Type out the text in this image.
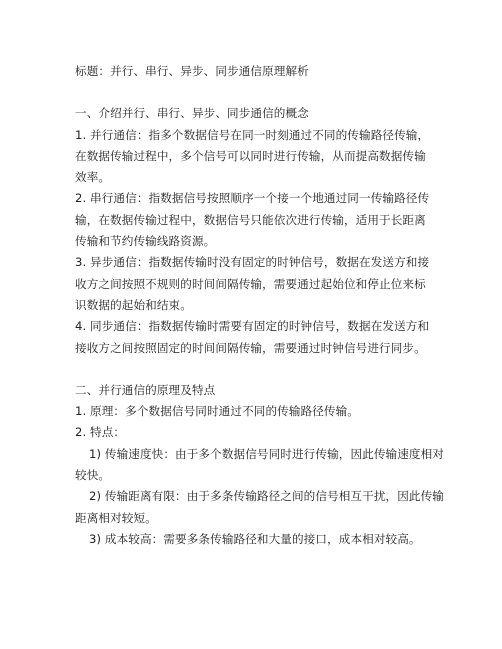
标题：并行、串行、异步、同步通信原理解析
一、介绍并行、串行、异步、同步通信的概念
1. 并行通信：指多个数据信号在同一时刻通过不同的传输路径传输，
在数据传输过程中，多个信号可以同时进行传输，从而提高数据传输
效率。
2. 串行通信：指数据信号按照顺序一个接一个地通过同一传输路径传
输，在数据传输过程中，数据信号只能依次进行传输，适用于长距离
传输和节约传输线路资源。
3. 异步通信：指数据传输时没有固定的时钟信号，数据在发送方和接
收方之间按照不规则的时间间隔传输，需要通过起始位和停止位来标
识数据的起始和结束。
4. 同步通信：指数据传输时需要有固定的时钟信号，数据在发送方和
接收方之间按照固定的时间间隔传输，需要通过时钟信号进行同步。
二、并行通信的原理及特点
1. 原理：多个数据信号同时通过不同的传输路径传输。
2. 特点：
1) 传输速度快：由于多个数据信号同时进行传输，因此传输速度相对
较快。
2) 传输距离有限：由于多条传输路径之间的信号相互干扰，因此传输
距离相对较短。
3) 成本较高：需要多条传输路径和大量的接口，成本相对较高。
